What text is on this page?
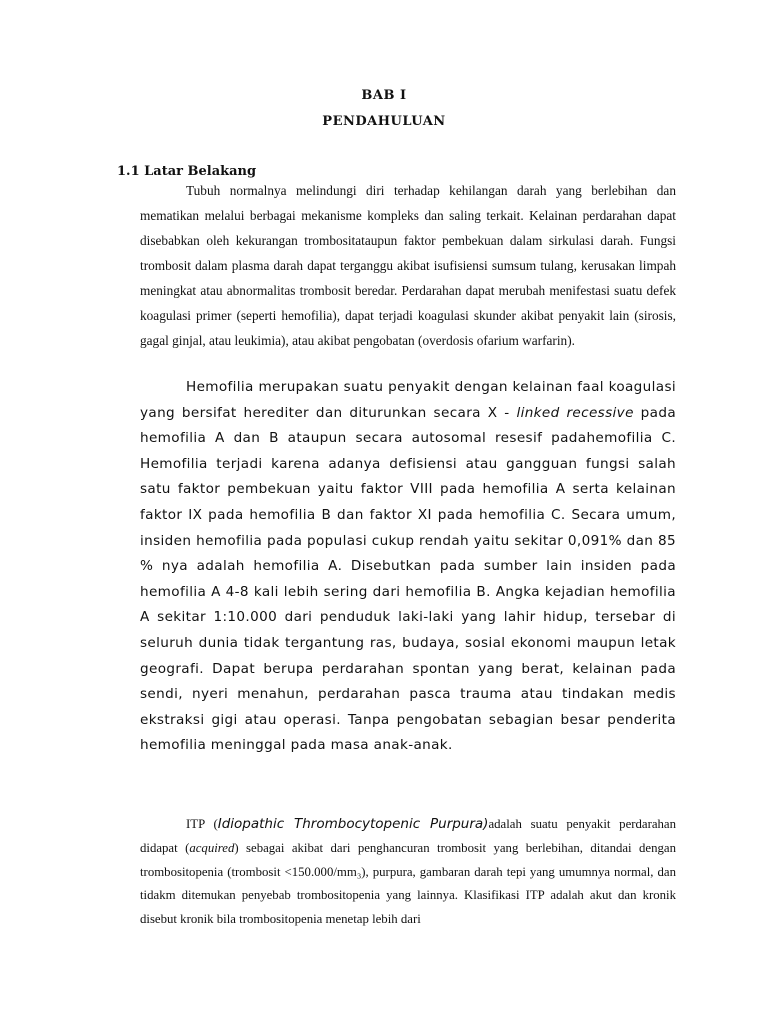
BAB I
PENDAHULUAN
1.1 Latar Belakang

Tubuh normalnya melindungi diri terhadap kehilangan darah yang berlebihan dan mematikan melalui berbagai mekanisme kompleks dan saling terkait. Kelainan perdarahan dapat disebabkan oleh kekurangan trombositataupun faktor pembekuan dalam sirkulasi darah. Fungsi trombosit dalam plasma darah dapat terganggu akibat isufisiensi sumsum tulang, kerusakan limpah meningkat atau abnormalitas trombosit beredar. Perdarahan dapat merubah menifestasi suatu defek koagulasi primer (seperti hemofilia), dapat terjadi koagulasi skunder akibat penyakit lain (sirosis, gagal ginjal, atau leukimia), atau akibat pengobatan (overdosis ofarium warfarin).

Hemofilia merupakan suatu penyakit dengan kelainan faal koagulasi yang bersifat herediter dan diturunkan secara X - linked recessive pada hemofilia A dan B ataupun secara autosomal resesif padahemofilia C. Hemofilia terjadi karena adanya defisiensi atau gangguan fungsi salah satu faktor pembekuan yaitu faktor VIII pada hemofilia A serta kelainan faktor IX pada hemofilia B dan faktor XI pada hemofilia C. Secara umum, insiden hemofilia pada populasi cukup rendah yaitu sekitar 0,091% dan 85 % nya adalah hemofilia A. Disebutkan pada sumber lain insiden pada hemofilia A 4-8 kali lebih sering dari hemofilia B. Angka kejadian hemofilia A sekitar 1:10.000 dari penduduk laki-laki yang lahir hidup, tersebar di seluruh dunia tidak tergantung ras, budaya, sosial ekonomi maupun letak geografi. Dapat berupa perdarahan spontan yang berat, kelainan pada sendi, nyeri menahun, perdarahan pasca trauma atau tindakan medis ekstraksi gigi atau operasi. Tanpa pengobatan sebagian besar penderita hemofilia meninggal pada masa anak-anak.

ITP (Idiopathic Thrombocytopenic Purpura)adalah suatu penyakit perdarahan didapat (acquired) sebagai akibat dari penghancuran trombosit yang berlebihan, ditandai dengan trombositopenia (trombosit <150.000/mm₃), purpura, gambaran darah tepi yang umumnya normal, dan tidakm ditemukan penyebab trombositopenia yang lainnya. Klasifikasi ITP adalah akut dan kronik disebut kronik bila trombositopenia menetap lebih dari
